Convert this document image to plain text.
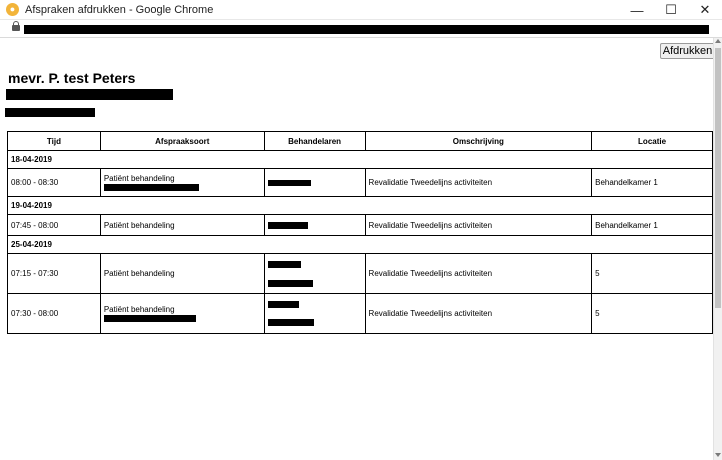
● Afspraken afdrukken - Google Chrome	—	☐	✕
Afdrukken
mevr. P. test Peters
Tijd	Afspraaksoort	Behandelaren	Omschrijving	Locatie
18-04-2019				
08:00 - 08:30	Patiënt behandeling		Revalidatie Tweedelijns activiteiten	Behandelkamer 1
19-04-2019				
07:45 - 08:00	Patiënt behandeling		Revalidatie Tweedelijns activiteiten	Behandelkamer 1
25-04-2019				
07:15 - 07:30	Patiënt behandeling		Revalidatie Tweedelijns activiteiten	5
07:30 - 08:00	Patiënt behandeling		Revalidatie Tweedelijns activiteiten	5
